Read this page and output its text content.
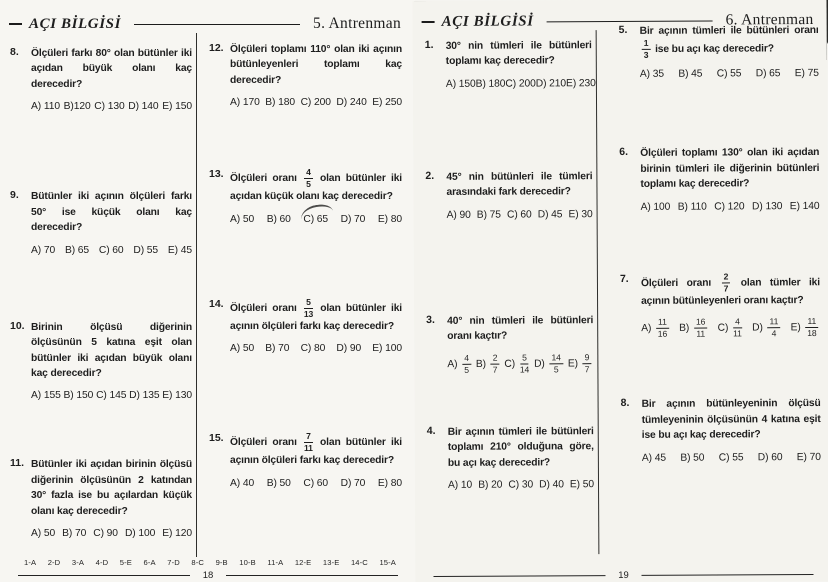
AÇI BİLGİSİ	5. Antrenman
8. Ölçüleri farkı 80° olan bütünler iki açıdan büyük olanı kaç derecedir?
A) 110 B)120 C) 130 D) 140 E) 150
9. Bütünler iki açının ölçüleri farkı 50° ise küçük olanı kaç derecedir?
A) 70 B) 65 C) 60 D) 55 E) 45
10. Birinin ölçüsü diğerinin ölçüsünün 5 katına eşit olan bütünler iki açıdan büyük olanı kaç derecedir?
A) 155 B) 150 C) 145 D) 135 E) 130
11. Bütünler iki açıdan birinin ölçüsü diğerinin ölçüsünün 2 katından 30° fazla ise bu açılardan küçük olanı kaç derecedir?
A) 50 B) 70 C) 90 D) 100 E) 120
12. Ölçüleri toplamı 110° olan iki açının bütünleyenleri toplamı kaç derecedir?
A) 170 B) 180 C) 200 D) 240 E) 250
13. Ölçüleri oranı $\frac{4}{5}$ olan bütünler iki açıdan küçük olanı kaç derecedir?
A) 50 B) 60 C) 65 D) 70 E) 80
14. Ölçüleri oranı $\frac{5}{13}$ olan bütünler iki açının ölçüleri farkı kaç derecedir?
A) 50 B) 70 C) 80 D) 90 E) 100
15. Ölçüleri oranı $\frac{7}{11}$ olan bütünler iki açının ölçüleri farkı kaç derecedir?
A) 40 B) 50 C) 60 D) 70 E) 80
1-A 2-D 3-A 4-D 5-E 6-A 7-D 8-C 9-B 10-B 11-A 12-E 13-E 14-C 15-A
18
AÇI BİLGİSİ	6. Antrenman
1. 30° nin tümleri ile bütünleri toplamı kaç derecedir?
A) 150 B) 180 C) 200 D) 210 E) 230
2. 45° nin bütünleri ile tümleri arasındaki fark derecedir?
A) 90 B) 75 C) 60 D) 45 E) 30
3. 40° nin tümleri ile bütünleri oranı kaçtır?
$A) \frac{4}{5} B) \frac{2}{7} C) \frac{5}{14} D) \frac{14}{5} E) \frac{9}{7}$
4. Bir açının tümleri ile bütünleri toplamı 210° olduğuna göre, bu açı kaç derecedir?
A) 10 B) 20 C) 30 D) 40 E) 50
5. Bir açının tümleri ile bütünleri oranı
$\frac{1}{3}$ ise bu açı kaç derecedir?
A) 35 B) 45 C) 55 D) 65 E) 75
6. Ölçüleri toplamı 130° olan iki açıdan birinin tümleri ile diğerinin bütünleri toplamı kaç derecedir?
A) 100 B) 110 C) 120 D) 130 E) 140
7. Ölçüleri oranı $\frac{2}{7}$ olan tümler iki açının bütünleyenleri oranı kaçtır?
$A) \frac{11}{16} B) \frac{16}{11} C) \frac{4}{11} D) \frac{11}{4} E) \frac{11}{18}$
8. Bir açının bütünleyeninin ölçüsü tümleyeninin ölçüsünün 4 katına eşit ise bu açı kaç derecedir?
A) 45 B) 50 C) 55 D) 60 E) 70
19
